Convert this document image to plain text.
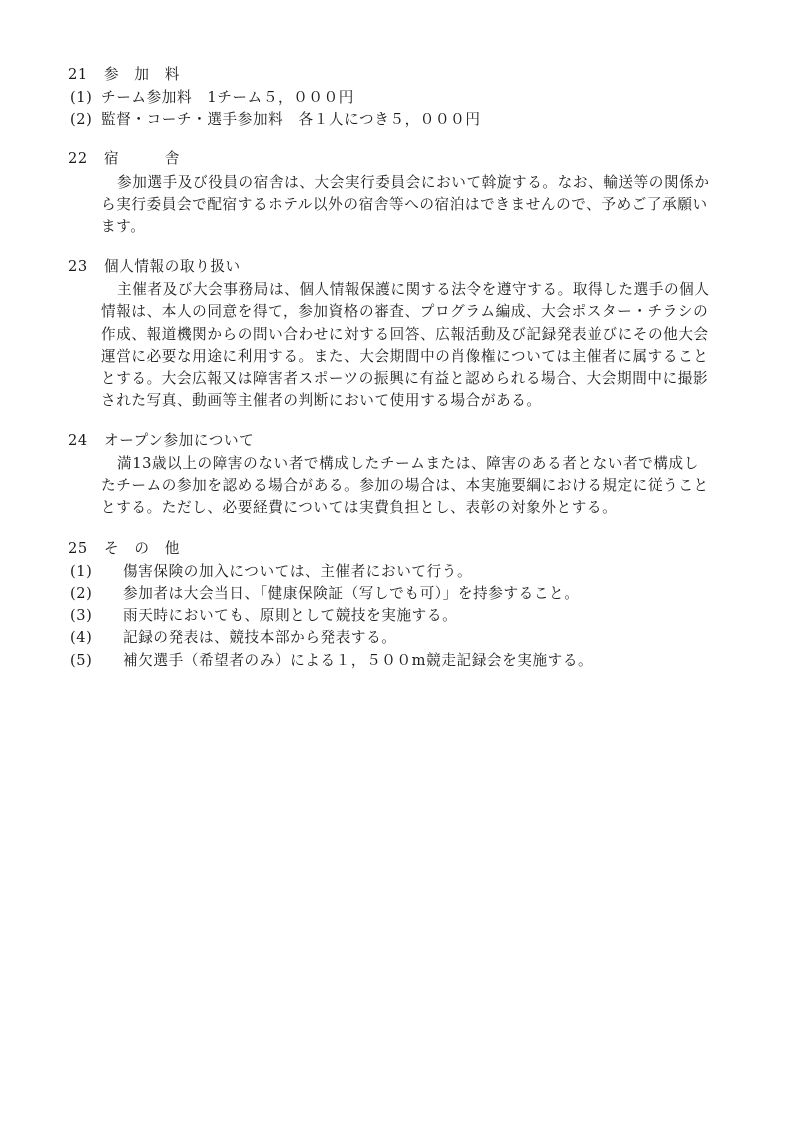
21 参　加　料
(1) チーム参加料　1チーム５，０００円
(2) 監督・コーチ・選手参加料　各１人につき５，０００円
22 宿　　　舎
参加選手及び役員の宿舎は、大会実行委員会において斡旋する。なお、輸送等の関係か
ら実行委員会で配宿するホテル以外の宿舎等への宿泊はできませんので、予めご了承願い
ます。
23 個人情報の取り扱い
主催者及び大会事務局は、個人情報保護に関する法令を遵守する。取得した選手の個人
情報は、本人の同意を得て，参加資格の審査、プログラム編成、大会ポスター・チラシの
作成、報道機関からの問い合わせに対する回答、広報活動及び記録発表並びにその他大会
運営に必要な用途に利用する。また、大会期間中の肖像権については主催者に属すること
とする。大会広報又は障害者スポーツの振興に有益と認められる場合、大会期間中に撮影
された写真、動画等主催者の判断において使用する場合がある。
24 オープン参加について
満13歳以上の障害のない者で構成したチームまたは、障害のある者とない者で構成し
たチームの参加を認める場合がある。参加の場合は、本実施要綱における規定に従うこと
とする。ただし、必要経費については実費負担とし、表彰の対象外とする。
25 そ　の　他
(1) 傷害保険の加入については、主催者において行う。
(2) 参加者は大会当日、「健康保険証（写しでも可）」を持参すること。
(3) 雨天時においても、原則として競技を実施する。
(4) 記録の発表は、競技本部から発表する。
(5) 補欠選手（希望者のみ）による１，５００m競走記録会を実施する。
